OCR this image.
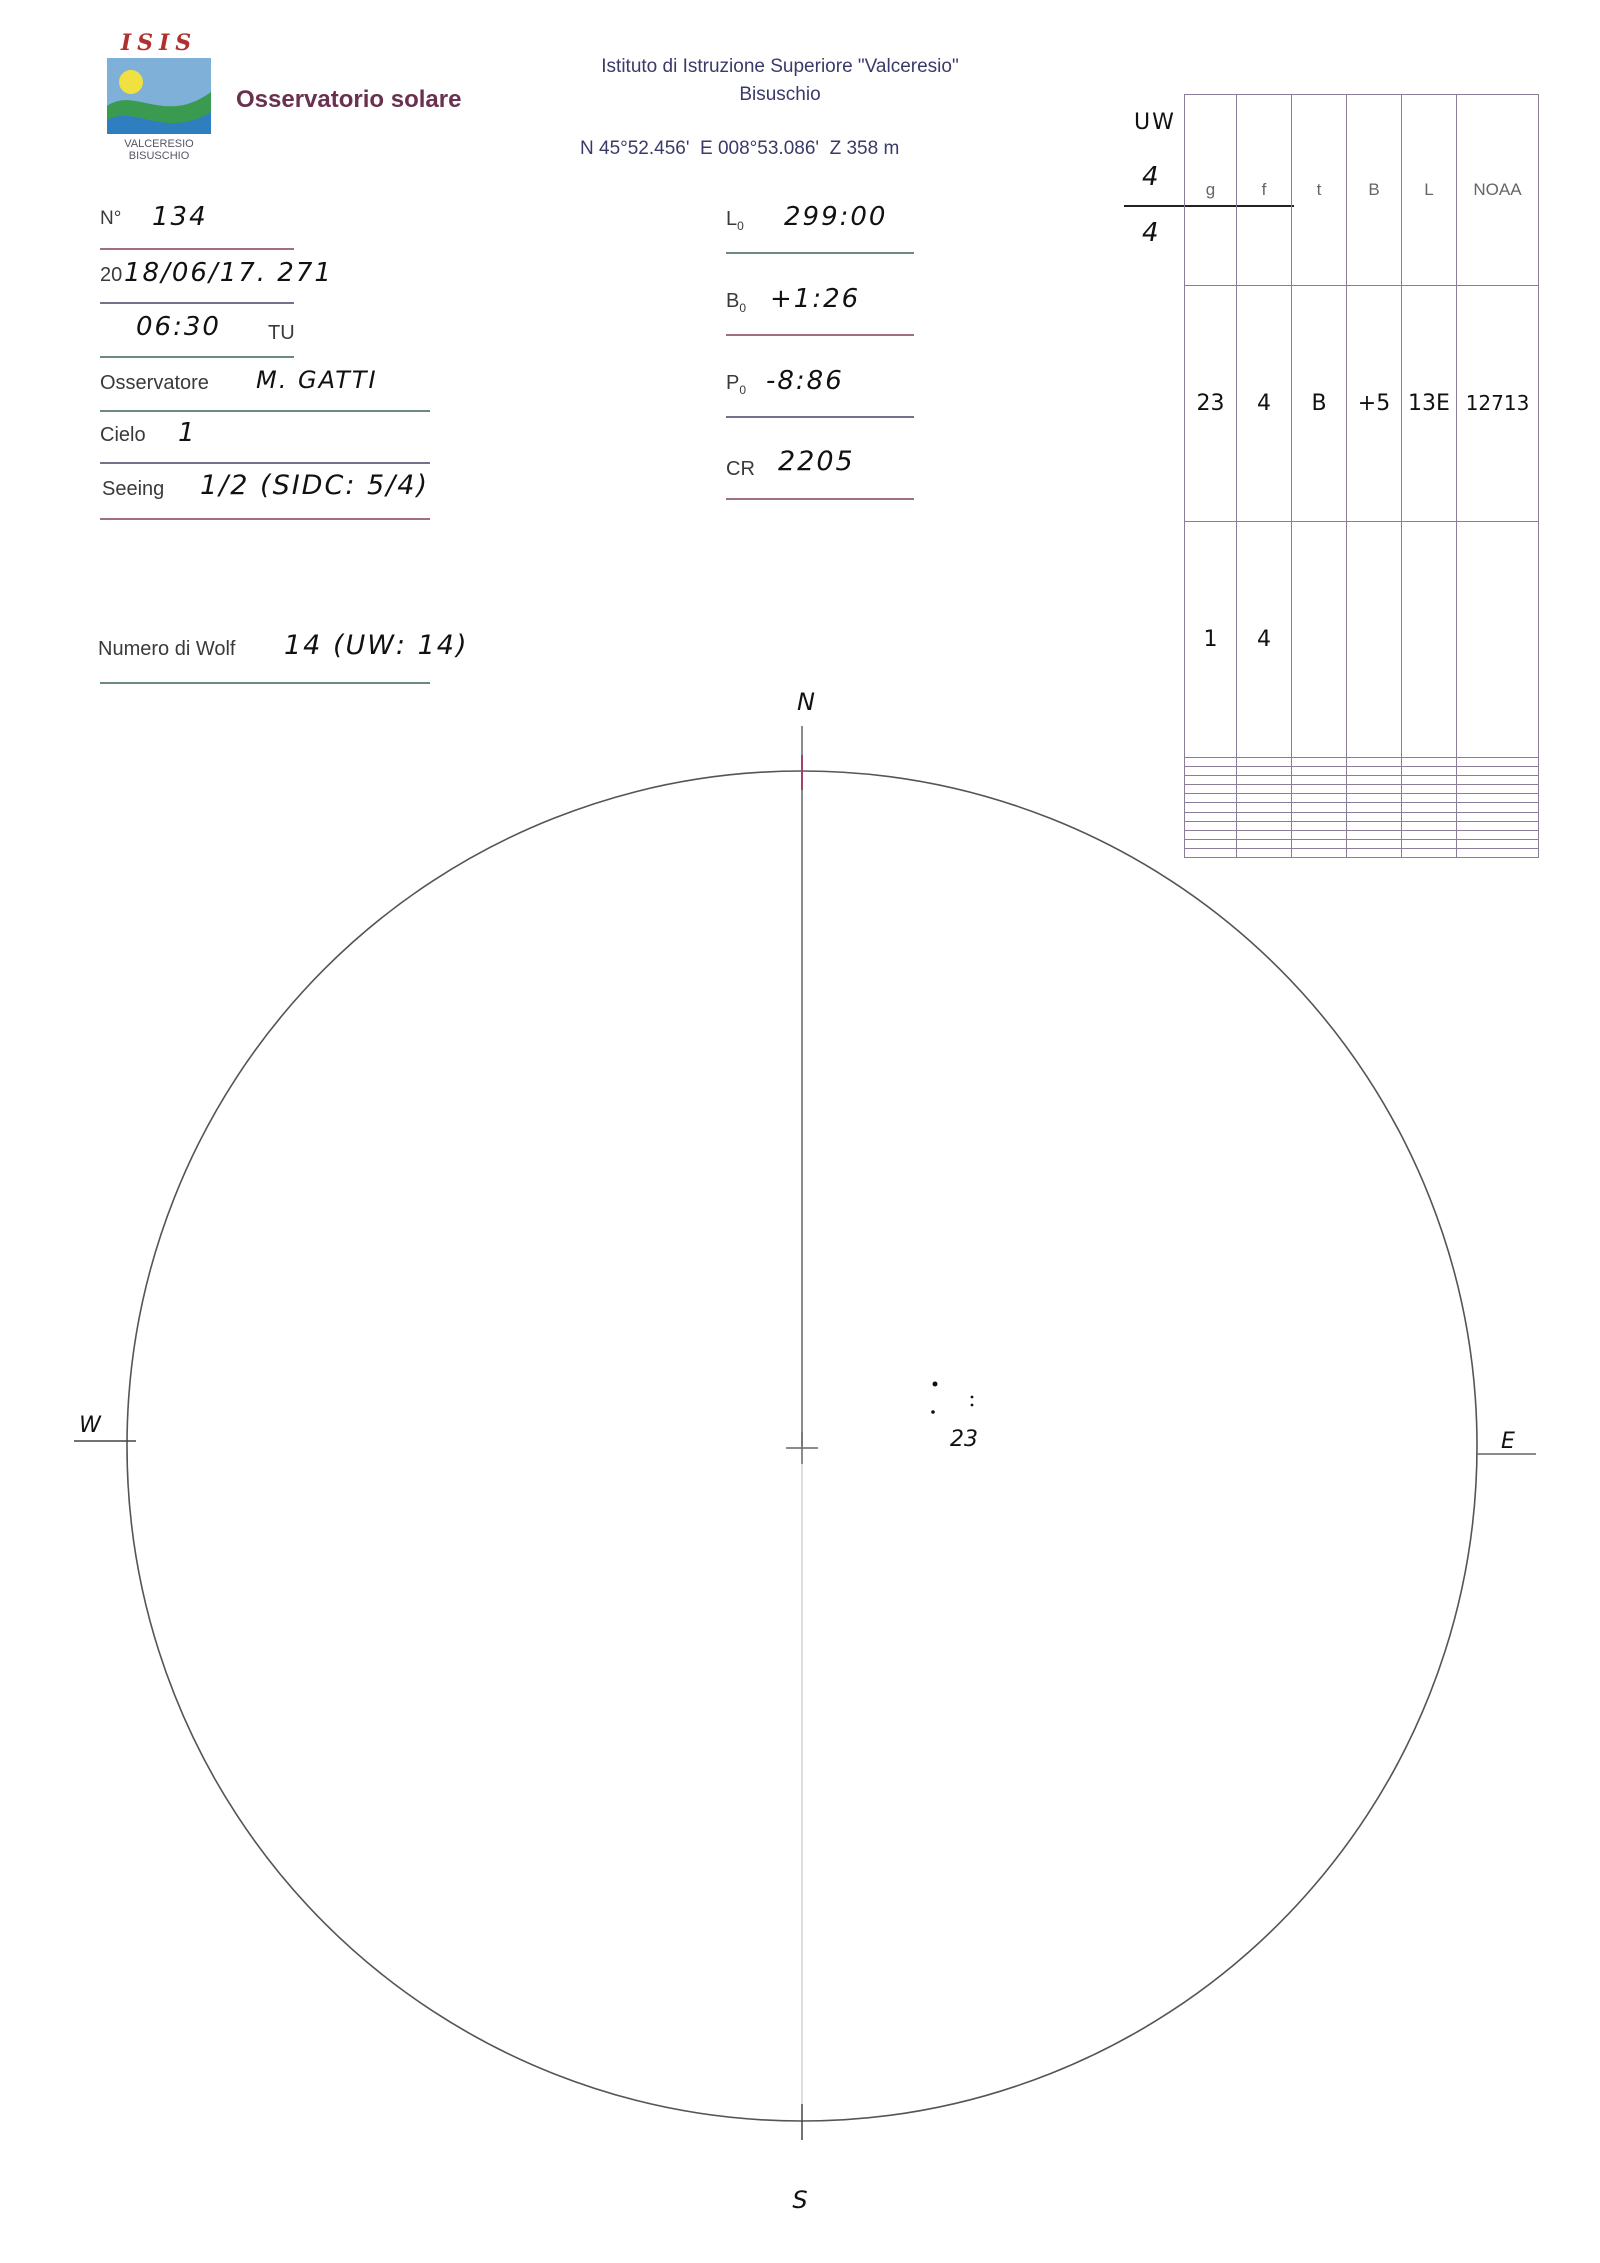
ISIS
VALCERESIO
BISUSCHIO
Osservatorio solare
Istituto di Istruzione Superiore "Valceresio"
Bisuschio
N 45°52.456'  E 008°53.086'  Z 358 m
N° 134
20 18/06/17. 271
06:30 TU
Osservatore M. GATTI
Cielo 1
Seeing 1/2 (SIDC: 5/4)
Numero di Wolf 14 (UW: 14)
$L_0$ 299:00
$B_0$ +1:26
$P_0$ -8:86
CR 2205
UW
4
4
g	f	t	B	L	NOAA
23	4	B	+5	13E	12713
1	4				

N
S
W
E
23
